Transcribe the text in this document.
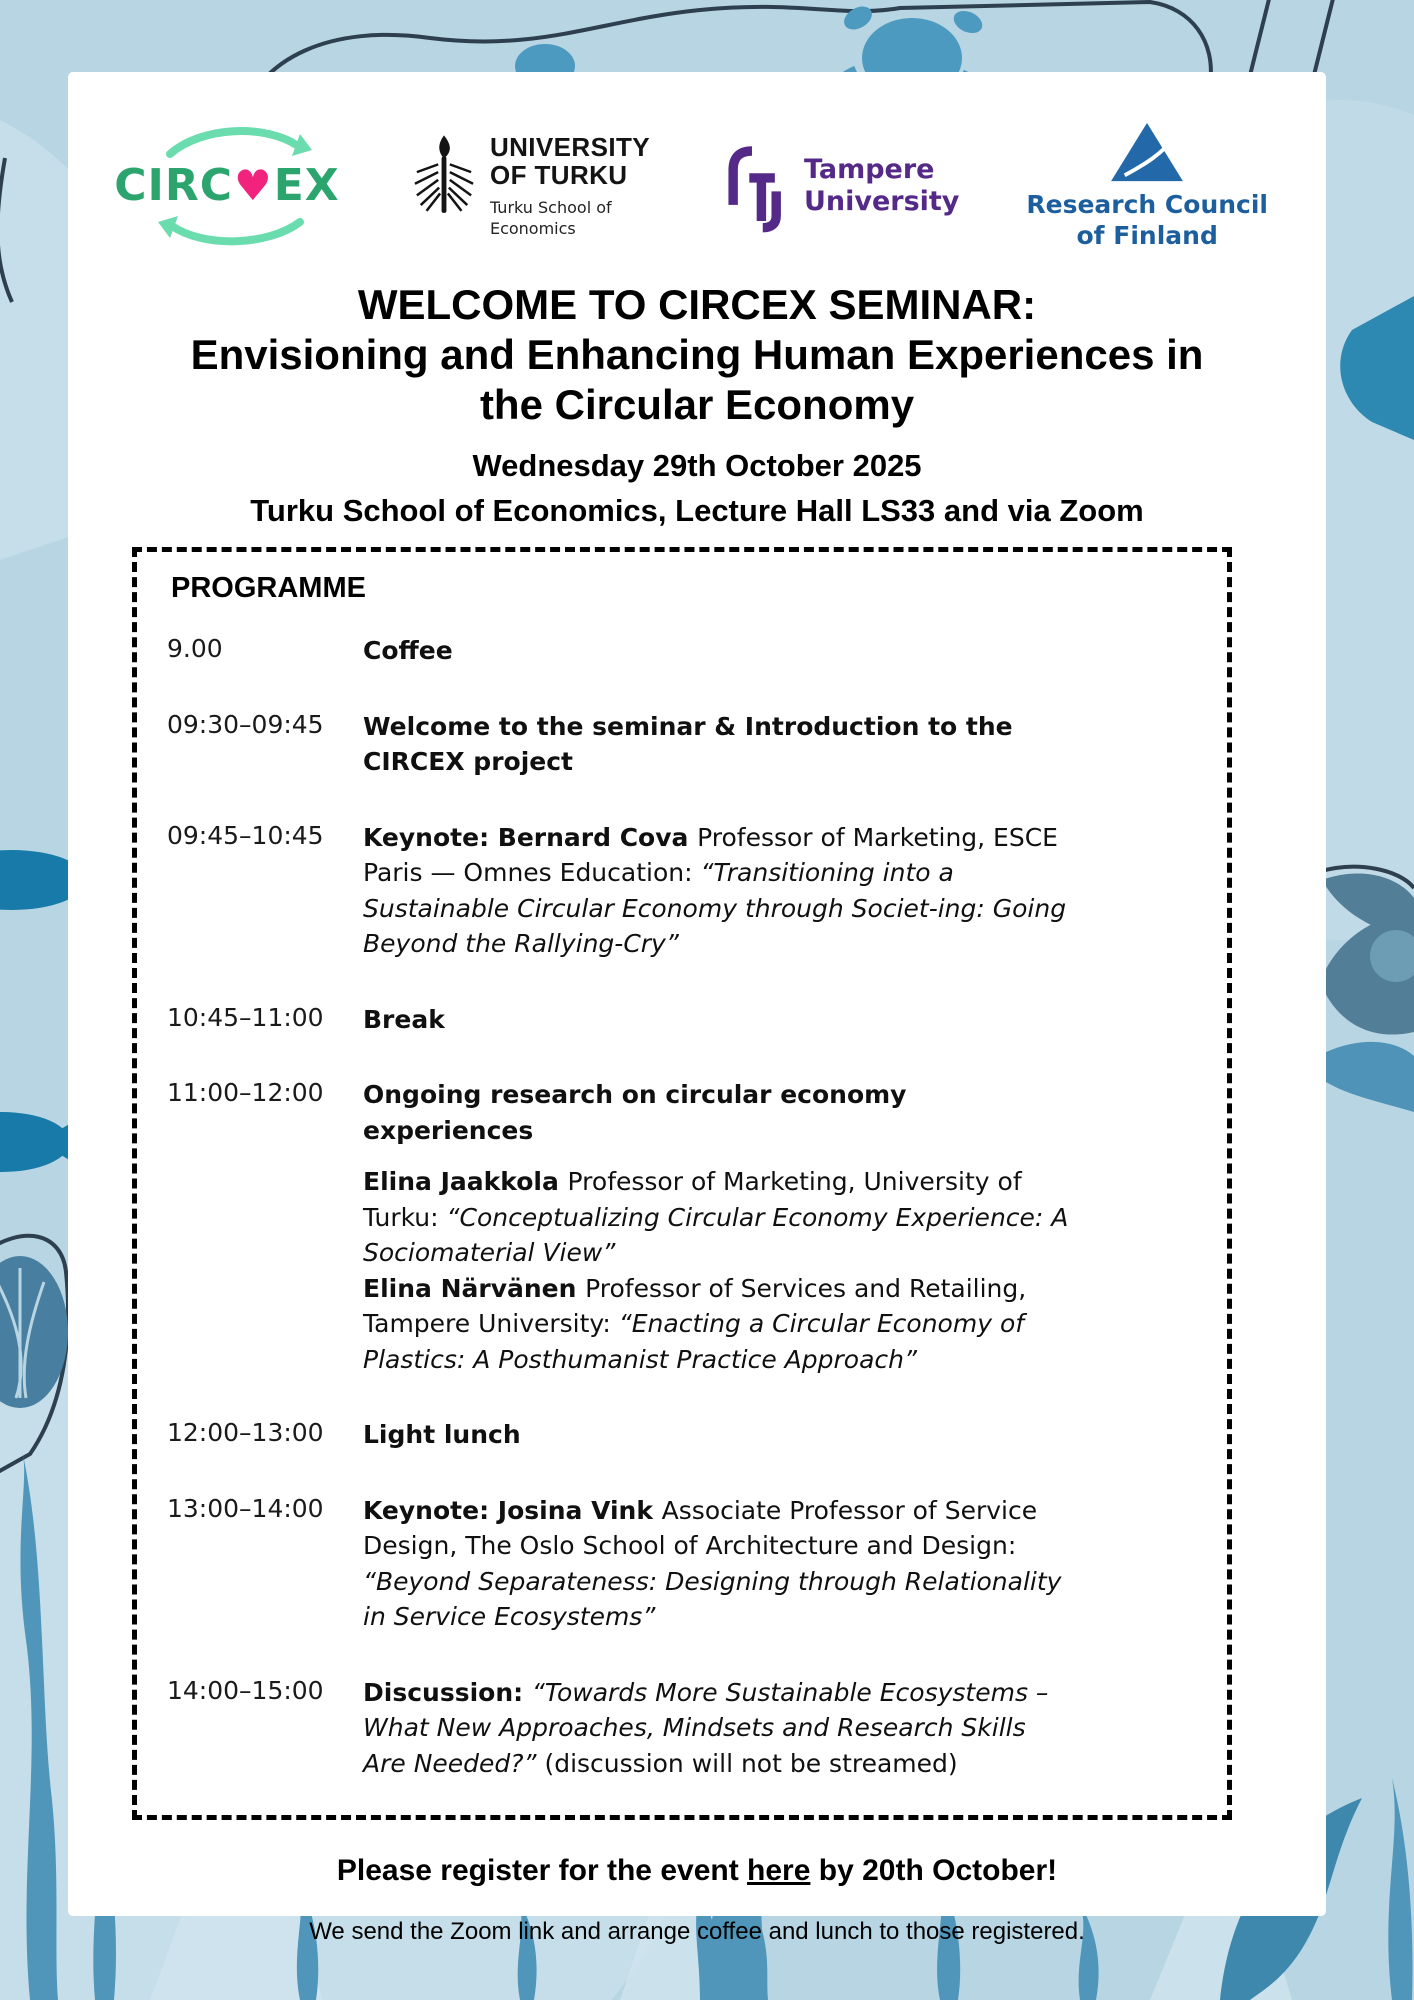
CIRC♥EX
UNIVERSITY
OF TURKU
Turku School of
Economics
Tampere
University	Research Council
of Finland
WELCOME TO CIRCEX SEMINAR:
Envisioning and Enhancing Human Experiences in
the Circular Economy
Wednesday 29th October 2025
Turku School of Economics, Lecture Hall LS33 and via Zoom
PROGRAMME
9.00	Coffee

09:30–09:45	Welcome to the seminar & Introduction to the CIRCEX project

09:45–10:45	Keynote: Bernard Cova Professor of Marketing, ESCE Paris — Omnes Education: “Transitioning into a Sustainable Circular Economy through Societ-ing: Going Beyond the Rallying-Cry”

10:45–11:00	Break

11:00–12:00	Ongoing research on circular economy experiences

Elina Jaakkola Professor of Marketing, University of Turku: “Conceptualizing Circular Economy Experience: A Sociomaterial View”
Elina Närvänen Professor of Services and Retailing, Tampere University: “Enacting a Circular Economy of Plastics: A Posthumanist Practice Approach”

12:00–13:00	Light lunch

13:00–14:00	Keynote: Josina Vink Associate Professor of Service Design, The Oslo School of Architecture and Design: “Beyond Separateness: Designing through Relationality in Service Ecosystems”

14:00–15:00	Discussion: “Towards More Sustainable Ecosystems – What New Approaches, Mindsets and Research Skills Are Needed?” (discussion will not be streamed)

Please register for the event here by 20th October!

We send the Zoom link and arrange coffee and lunch to those registered.
